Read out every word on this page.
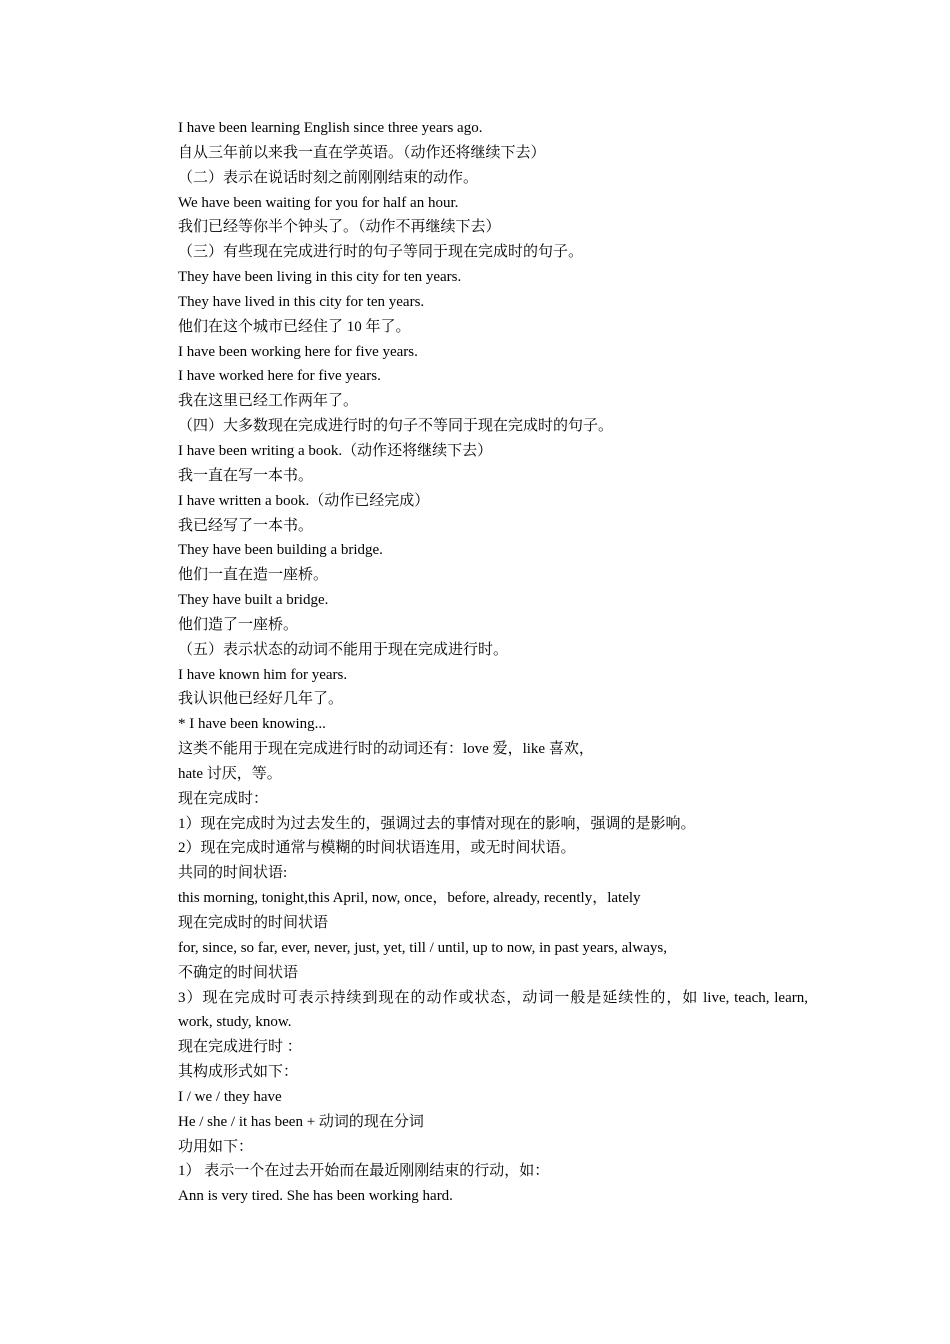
I have been learning English since three years ago.
自从三年前以来我一直在学英语。（动作还将继续下去）
（二）表示在说话时刻之前刚刚结束的动作。
We have been waiting for you for half an hour.
我们已经等你半个钟头了。（动作不再继续下去）
（三）有些现在完成进行时的句子等同于现在完成时的句子。
They have been living in this city for ten years.
They have lived in this city for ten years.
他们在这个城市已经住了 10 年了。
I have been working here for five years.
I have worked here for five years.
我在这里已经工作两年了。
（四）大多数现在完成进行时的句子不等同于现在完成时的句子。
I have been writing a book.（动作还将继续下去）
我一直在写一本书。
I have written a book.（动作已经完成）
我已经写了一本书。
They have been building a bridge.
他们一直在造一座桥。
They have built a bridge.
他们造了一座桥。
（五）表示状态的动词不能用于现在完成进行时。
I have known him for years.
我认识他已经好几年了。
* I have been knowing...
这类不能用于现在完成进行时的动词还有：love 爱，like 喜欢，
hate 讨厌，等。
现在完成时：
1）现在完成时为过去发生的，强调过去的事情对现在的影响，强调的是影响。
2）现在完成时通常与模糊的时间状语连用，或无时间状语。
共同的时间状语:
this morning, tonight,this April, now, once，before, already, recently，lately
现在完成时的时间状语
for, since, so far, ever, never, just, yet, till / until, up to now, in past years, always,
不确定的时间状语
3）现在完成时可表示持续到现在的动作或状态，动词一般是延续性的，如 live, teach, learn, work, study, know.
现在完成进行时 ：
其构成形式如下：
I / we / they have
He / she / it has been + 动词的现在分词
功用如下：
1） 表示一个在过去开始而在最近刚刚结束的行动，如：
Ann is very tired. She has been working hard.
